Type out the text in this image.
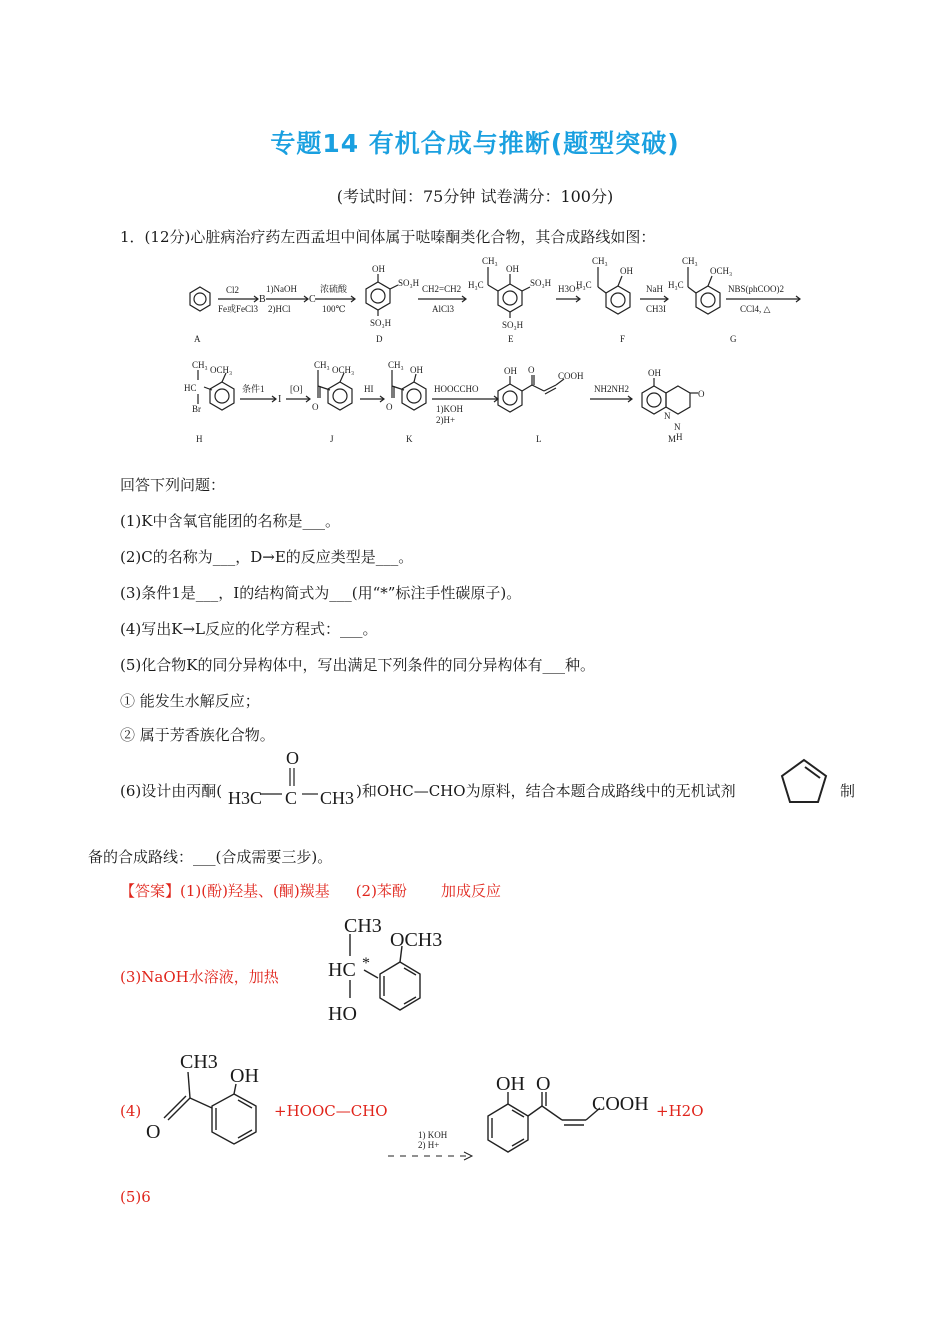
专题14 有机合成与推断(题型突破)
(考试时间：75分钟 试卷满分：100分)
1．(12分)心脏病治疗药左西孟坦中间体属于哒嗪酮类化合物，其合成路线如图：
Cl2
Fe或FeCl3
B
1)NaOH
2)HCl
C
浓硫酸
100℃
OH
SO₃H
SO₃H
CH2=CH2
AlCl3
CH₃
H₃C
OH
SO₃H
SO₃H
H3O+
CH₃
H₃C
OH
NaH
CH3I
CH₃
H₃C
OCH₃
NBS(phCOO)2
CCl4, △
A	D	E	F	G
CH₃ OCH₃
HC
Br
条件1
I
[O]
CH₃ OCH₃
O
HI
CH₃ OH
O
HOOCCHO
1)KOH
2)H+
OH O
COOH
NH2NH2
OH
N
N
H
O
H	J	K	L	M
回答下列问题：
(1)K中含氧官能团的名称是___。
(2)C的名称为___，D→E的反应类型是___。
(3)条件1是___，I的结构简式为___(用“*”标注手性碳原子)。
(4)写出K→L反应的化学方程式：___。
(5)化合物K的同分异构体中，写出满足下列条件的同分异构体有___种。
① 能发生水解反应；
② 属于芳香族化合物。
(6)设计由丙酮(
O
H3C C CH3 )和OHC—CHO为原料，结合本题合成路线中的无机试剂	制
备的合成路线：___(合成需要三步)。
【答案】(1)(酚)羟基、(酮)羰基 (2)苯酚 加成反应
(3)NaOH水溶液，加热
CH3
OCH3
HC *
HO
(4)
CH3
OH
O
+HOOC—CHO
1) KOH
2) H+
OH O
COOH +H2O
(5)6
